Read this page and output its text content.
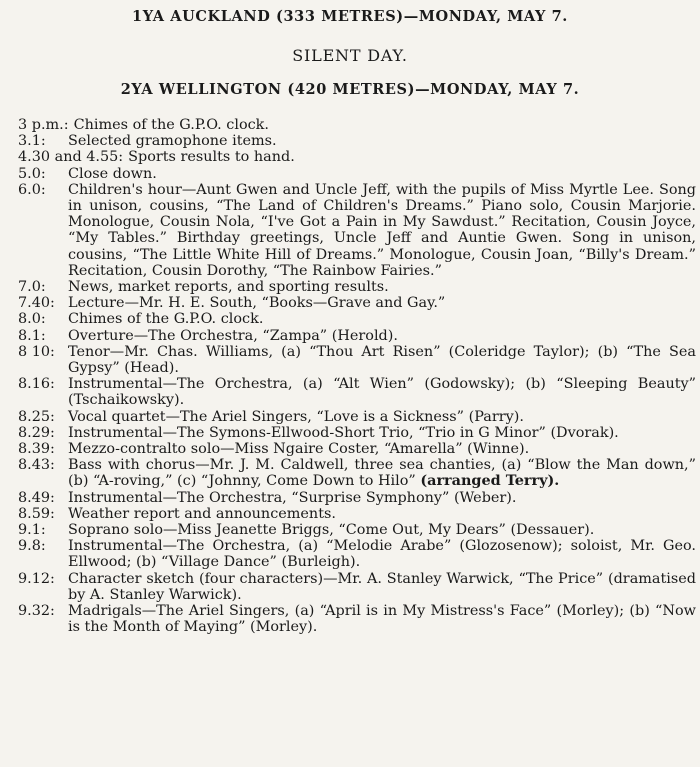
1YA AUCKLAND (333 METRES)—MONDAY, MAY 7.
SILENT DAY.
2YA WELLINGTON (420 METRES)—MONDAY, MAY 7.
3 p.m.: Chimes of the G.P.O. clock.
3.1:	Selected gramophone items.
4.30 and 4.55: Sports results to hand.
5.0:	Close down.
6.0:	Children's hour—Aunt Gwen and Uncle Jeff, with the pupils of Miss Myrtle Lee. Song in unison, cousins, “The Land of Children's Dreams.” Piano solo, Cousin Marjorie. Monologue, Cousin Nola, “I've Got a Pain in My Sawdust.” Recitation, Cousin Joyce, “My Tables.” Birthday greetings, Uncle Jeff and Auntie Gwen. Song in unison, cousins, “The Little White Hill of Dreams.” Monologue, Cousin Joan, “Billy's Dream.” Recitation, Cousin Dorothy, “The Rainbow Fairies.”
7.0:	News, market reports, and sporting results.
7.40: Lecture—Mr. H. E. South, “Books—Grave and Gay.”
8.0:	Chimes of the G.P.O. clock.
8.1:	Overture—The Orchestra, “Zampa” (Herold).
8 10: Tenor—Mr. Chas. Williams, (a) “Thou Art Risen” (Coleridge Taylor); (b) “The Sea Gypsy” (Head).
8.16: Instrumental—The Orchestra, (a) “Alt Wien” (Godowsky); (b) “Sleeping Beauty” (Tschaikowsky).
8.25: Vocal quartet—The Ariel Singers, “Love is a Sickness” (Parry).
8.29: Instrumental—The Symons-Ellwood-Short Trio, “Trio in G Minor” (Dvorak).
8.39: Mezzo-contralto solo—Miss Ngaire Coster, “Amarella” (Winne).
8.43: Bass with chorus—Mr. J. M. Caldwell, three sea chanties, (a) “Blow the Man down,” (b) “A-roving,” (c) “Johnny, Come Down to Hilo” (arranged Terry).
8.49: Instrumental—The Orchestra, “Surprise Symphony” (Weber).
8.59: Weather report and announcements.
9.1:	Soprano solo—Miss Jeanette Briggs, “Come Out, My Dears” (Dessauer).
9.8:	Instrumental—The Orchestra, (a) “Melodie Arabe” (Glozosenow); soloist, Mr. Geo. Ellwood; (b) “Village Dance” (Burleigh).
9.12: Character sketch (four characters)—Mr. A. Stanley Warwick, “The Price” (dramatised by A. Stanley Warwick).
9.32: Madrigals—The Ariel Singers, (a) “April is in My Mistress's Face” (Morley); (b) “Now is the Month of Maying” (Morley).
